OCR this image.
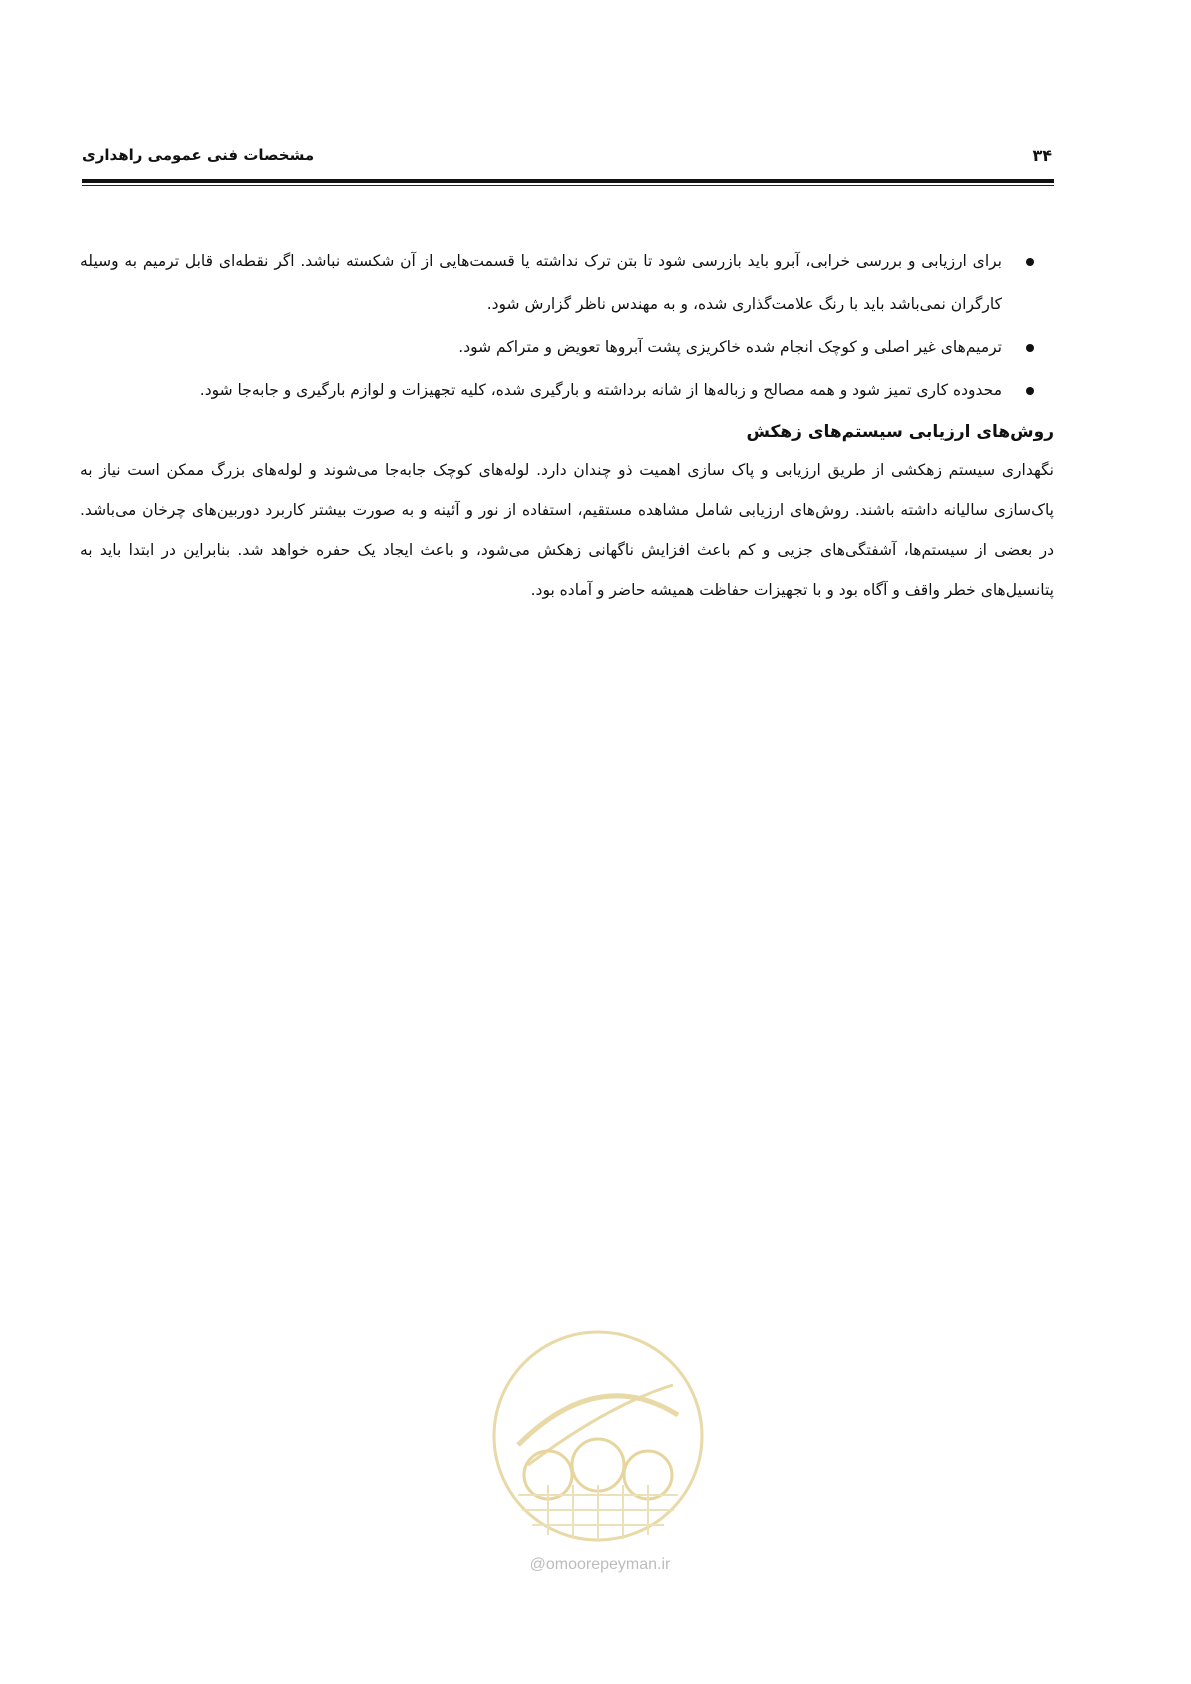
۳۴
مشخصات فنی عمومی راهداری
برای ارزیابی و بررسی خرابی، آبرو باید بازرسی شود تا بتن ترک نداشته یا قسمت‌هایی از آن شکسته نباشد. اگر نقطه‌ای قابل ترمیم به وسیله کارگران نمی‌باشد باید با رنگ علامت‌گذاری شده، و به مهندس ناظر گزارش شود.
ترمیم‌های غیر اصلی و کوچک انجام شده خاکریزی پشت آبروها تعویض و متراکم شود.
محدوده کاری تمیز شود و همه مصالح و زباله‌ها از شانه برداشته و بارگیری شده، کلیه تجهیزات و لوازم بارگیری و جابه‌جا شود.
روش‌های ارزیابی سیستم‌های زهکش

نگهداری سیستم زهکشی از طریق ارزیابی و پاک سازی اهمیت ذو چندان دارد. لوله‌های کوچک جابه‌جا می‌شوند و لوله‌های بزرگ ممکن است نیاز به پاک‌سازی سالیانه داشته باشند. روش‌های ارزیابی شامل مشاهده مستقیم، استفاده از نور و آئینه و به صورت بیشتر کاربرد دوربین‌های چرخان می‌باشد. در بعضی از سیستم‌ها، آشفتگی‌های جزیی و کم باعث افزایش ناگهانی زهکش می‌شود، و باعث ایجاد یک حفره خواهد شد. بنابراین در ابتدا باید به پتانسیل‌های خطر واقف و آگاه بود و با تجهیزات حفاظت همیشه حاضر و آماده بود.

@omoorepeyman.ir
